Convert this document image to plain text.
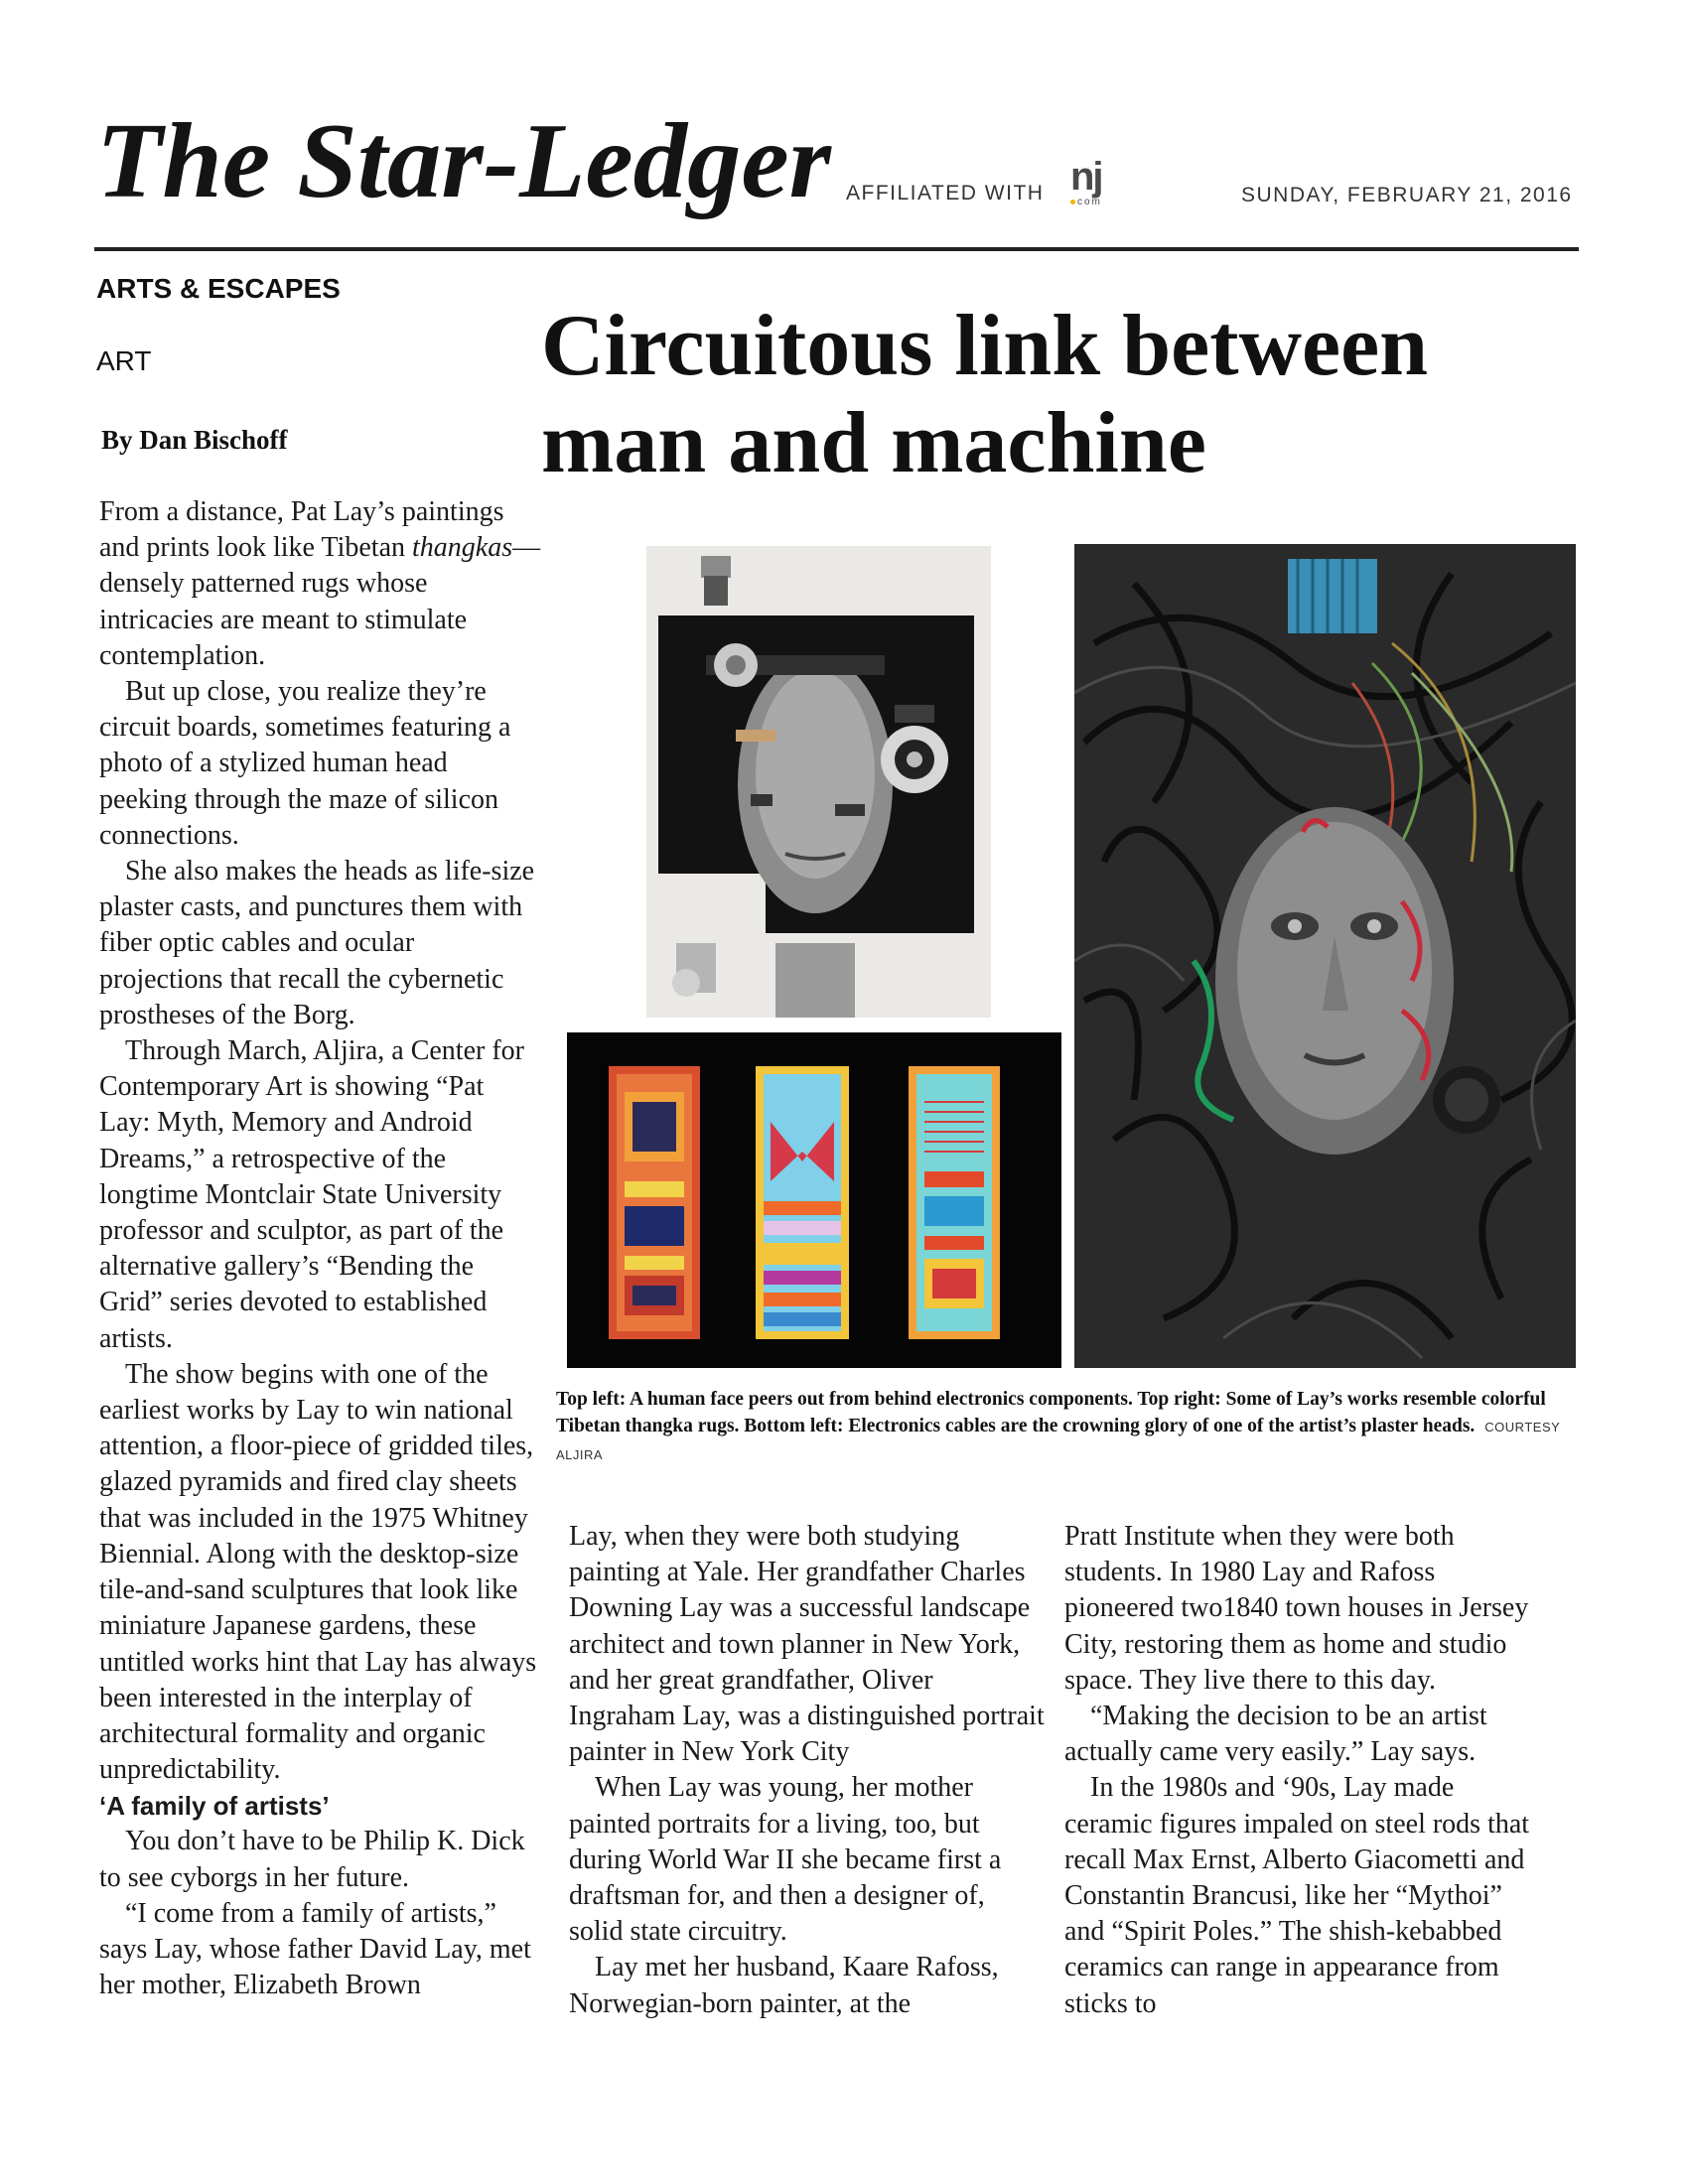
The Star-Ledger AFFILIATED WITH nj
com	SUNDAY, FEBRUARY 21, 2016
ARTS & ESCAPES
ART
By Dan Bischoff
Circuitous link between
man and machine

From a distance, Pat Lay’s paintings and prints look like Tibetan thangkas—densely patterned rugs whose intricacies are meant to stimulate contemplation.

But up close, you realize they’re circuit boards, sometimes featuring a photo of a stylized human head peeking through the maze of silicon connections.

She also makes the heads as life-size plaster casts, and punctures them with fiber optic cables and ocular projections that recall the cybernetic prostheses of the Borg.

Through March, Aljira, a Center for Contemporary Art is showing “Pat Lay: Myth, Memory and Android Dreams,” a retrospective of the longtime Montclair State University professor and sculptor, as part of the alternative gallery’s “Bending the Grid” series devoted to established artists.

The show begins with one of the earliest works by Lay to win national attention, a floor-piece of gridded tiles, glazed pyramids and fired clay sheets that was included in the 1975 Whitney Biennial. Along with the desktop-size tile-and-sand sculptures that look like miniature Japanese gardens, these untitled works hint that Lay has always been interested in the interplay of architectural formality and organic unpredictability.

‘A family of artists’

You don’t have to be Philip K. Dick to see cyborgs in her future.

“I come from a family of artists,” says Lay, whose father David Lay, met her mother, Elizabeth Brown

Top left: A human face peers out from behind electronics components. Top right: Some of Lay’s works resemble colorful Tibetan thangka rugs. Bottom left: Electronics cables are the crowning glory of one of the artist’s plaster heads. COURTESY ALJIRA

Lay, when they were both studying painting at Yale. Her grandfather Charles Downing Lay was a successful landscape architect and town planner in New York, and her great grandfather, Oliver Ingraham Lay, was a distinguished portrait painter in New York City

When Lay was young, her mother painted portraits for a living, too, but during World War II she became first a draftsman for, and then a designer of, solid state circuitry.

Lay met her husband, Kaare Rafoss, Norwegian-born painter, at the

Pratt Institute when they were both students. In 1980 Lay and Rafoss pioneered two1840 town houses in Jersey City, restoring them as home and studio space. They live there to this day.

“Making the decision to be an artist actually came very easily.” Lay says.

In the 1980s and ‘90s, Lay made ceramic figures impaled on steel rods that recall Max Ernst, Alberto Giacometti and Constantin Brancusi, like her “Mythoi” and “Spirit Poles.” The shish-kebabbed ceramics can range in appearance from sticks to
